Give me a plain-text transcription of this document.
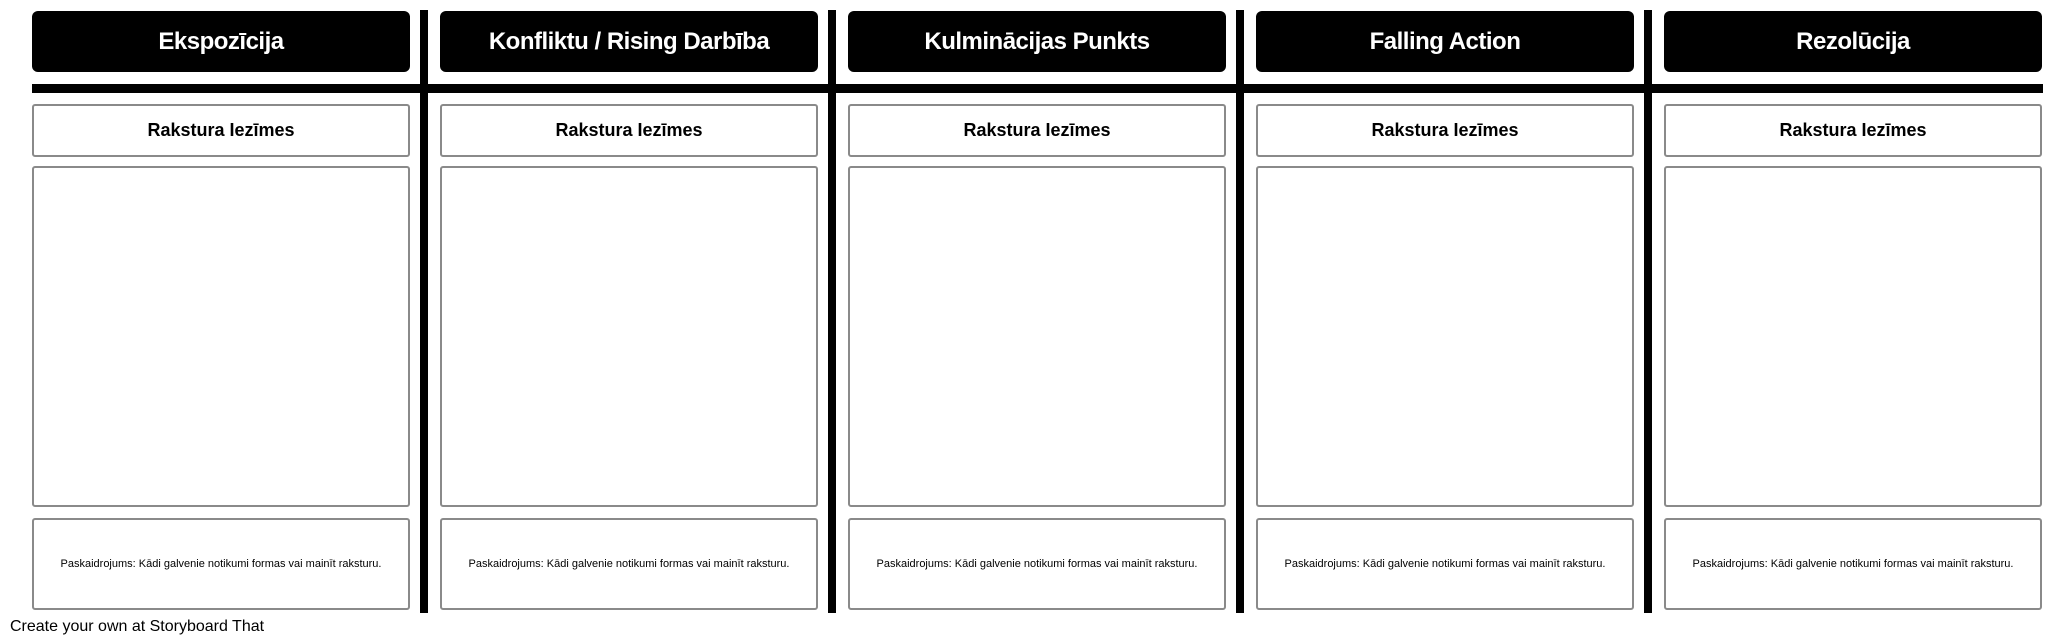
Ekspozīcija
Rakstura Iezīmes
Paskaidrojums: Kādi galvenie notikumi formas vai mainīt raksturu.
Konfliktu / Rising Darbība
Rakstura Iezīmes
Paskaidrojums: Kādi galvenie notikumi formas vai mainīt raksturu.
Kulminācijas Punkts
Rakstura Iezīmes
Paskaidrojums: Kādi galvenie notikumi formas vai mainīt raksturu.
Falling Action
Rakstura Iezīmes
Paskaidrojums: Kādi galvenie notikumi formas vai mainīt raksturu.
Rezolūcija
Rakstura Iezīmes
Paskaidrojums: Kādi galvenie notikumi formas vai mainīt raksturu.
Create your own at Storyboard That
